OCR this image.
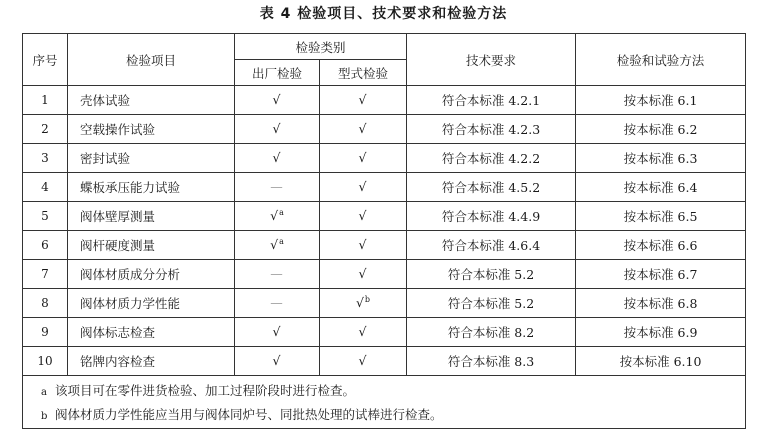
表 4 检验项目、技术要求和检验方法
序号	检验项目	检验类别		技术要求	检验和试验方法
		出厂检验	型式检验		
1	壳体试验	√	√	符合本标准 4.2.1	按本标准 6.1
2	空载操作试验	√	√	符合本标准 4.2.3	按本标准 6.2
3	密封试验	√	√	符合本标准 4.2.2	按本标准 6.3
4	蝶板承压能力试验	—	√	符合本标准 4.5.2	按本标准 6.4
5	阀体壁厚测量	√$^a$	√	符合本标准 4.4.9	按本标准 6.5
6	阀杆硬度测量	√$^a$	√	符合本标准 4.6.4	按本标准 6.6
7	阀体材质成分分析	—	√	符合本标准 5.2	按本标准 6.7
8	阀体材质力学性能	—	√$^b$	符合本标准 5.2	按本标准 6.8
9	阀体标志检查	√	√	符合本标准 8.2	按本标准 6.9
10	铭牌内容检查	√	√	符合本标准 8.3	按本标准 6.10

a 该项目可在零件进货检验、加工过程阶段时进行检查。
b 阀体材质力学性能应当用与阀体同炉号、同批热处理的试棒进行检查。					
